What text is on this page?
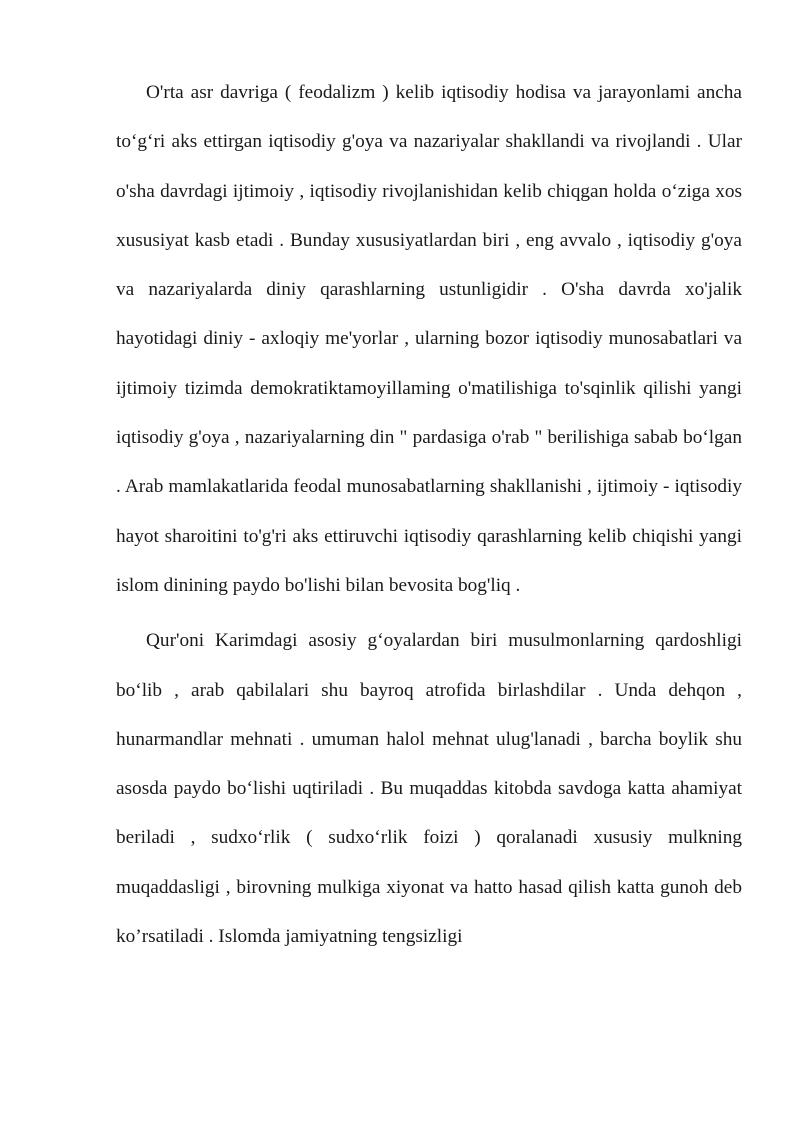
O'rta asr davriga ( feodalizm ) kelib iqtisodiy hodisa va jarayonlami ancha to‘g‘ri aks ettirgan iqtisodiy g'oya va nazariyalar shakllandi va rivojlandi . Ular o'sha davrdagi ijtimoiy , iqtisodiy rivojlanishidan kelib chiqgan holda o‘ziga xos xususiyat kasb etadi . Bunday xususiyatlardan biri , eng avvalo , iqtisodiy g'oya va nazariyalarda diniy qarashlarning ustunligidir . O'sha davrda xo'jalik hayotidagi diniy - axloqiy me'yorlar , ularning bozor iqtisodiy munosabatlari va ijtimoiy tizimda demokratiktamoyillaming o'matilishiga to'sqinlik qilishi yangi iqtisodiy g'oya , nazariyalarning din " pardasiga o'rab " berilishiga sabab bo‘lgan . Arab mamlakatlarida feodal munosabatlarning shakllanishi , ijtimoiy - iqtisodiy hayot sharoitini to'g'ri aks ettiruvchi iqtisodiy qarashlarning kelib chiqishi yangi islom dinining paydo bo'lishi bilan bevosita bog'liq .

Qur'oni Karimdagi asosiy g‘oyalardan biri musulmonlarning qardoshligi bo‘lib , arab qabilalari shu bayroq atrofida birlashdilar . Unda dehqon , hunarmandlar mehnati . umuman halol mehnat ulug'lanadi , barcha boylik shu asosda paydo bo‘lishi uqtiriladi . Bu muqaddas kitobda savdoga katta ahamiyat beriladi , sudxo‘rlik ( sudxo‘rlik foizi ) qoralanadi xususiy mulkning muqaddasligi , birovning mulkiga xiyonat va hatto hasad qilish katta gunoh deb ko’rsatiladi . Islomda jamiyatning tengsizligi
